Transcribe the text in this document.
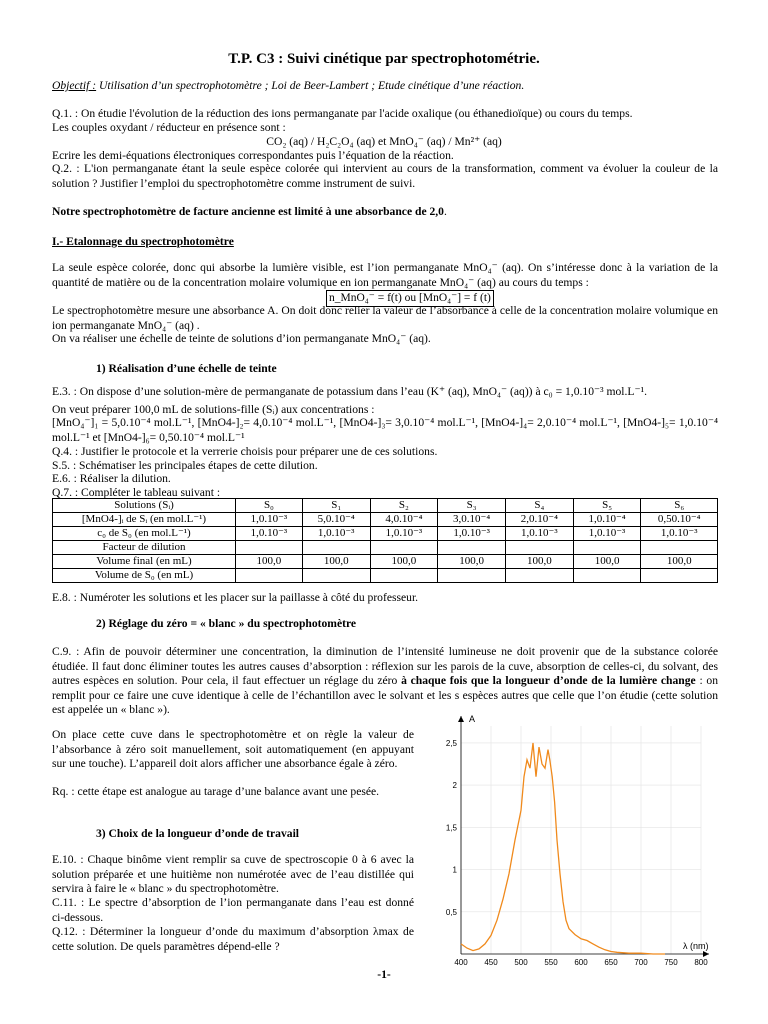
T.P. C3 : Suivi cinétique par spectrophotométrie.
Objectif : Utilisation d’un spectrophotomètre ; Loi de Beer-Lambert ; Etude cinétique d’une réaction.
Q.1. : On étudie l'évolution de la réduction des ions permanganate par l'acide oxalique (ou éthanedioïque) ou cours du temps.
Les couples oxydant / réducteur en présence sont :
CO₂ (aq) / H₂C₂O₄ (aq) et MnO₄⁻ (aq) / Mn²⁺ (aq)
Ecrire les demi-équations électroniques correspondantes puis l’équation de la réaction.
Q.2. : L'ion permanganate étant la seule espèce colorée qui intervient au cours de la transformation, comment va évoluer la couleur de la solution ? Justifier l’emploi du spectrophotomètre comme instrument de suivi.
Notre spectrophotomètre de facture ancienne est limité à une absorbance de 2,0.
I.- Etalonnage du spectrophotomètre
La seule espèce colorée, donc qui absorbe la lumière visible, est l’ion permanganate MnO₄⁻ (aq). On s’intéresse donc à la variation de la quantité de matière ou de la concentration molaire volumique en ion permanganate MnO₄⁻ (aq) au cours du temps :
n_MnO₄⁻ = f(t) ou [MnO₄⁻] = f (t)
Le spectrophotomètre mesure une absorbance A. On doit donc relier la valeur de l’absorbance à celle de la concentration molaire volumique en ion permanganate MnO₄⁻ (aq) .
On va réaliser une échelle de teinte de solutions d’ion permanganate MnO₄⁻ (aq).
1) Réalisation d’une échelle de teinte
E.3. : On dispose d’une solution-mère de permanganate de potassium dans l’eau (K⁺ (aq), MnO₄⁻ (aq)) à c₀ = 1,0.10⁻³ mol.L⁻¹.
On veut préparer 100,0 mL de solutions-fille (Sᵢ) aux concentrations :
[MnO₄⁻]₁ = 5,0.10⁻⁴ mol.L⁻¹, [MnO4-]₂= 4,0.10⁻⁴ mol.L⁻¹, [MnO4-]₃= 3,0.10⁻⁴ mol.L⁻¹, [MnO4-]₄= 2,0.10⁻⁴ mol.L⁻¹, [MnO4-]₅= 1,0.10⁻⁴ mol.L⁻¹ et [MnO4-]₆= 0,50.10⁻⁴ mol.L⁻¹
Q.4. : Justifier le protocole et la verrerie choisis pour préparer une de ces solutions.
S.5. : Schématiser les principales étapes de cette dilution.
E.6. : Réaliser la dilution.
Q.7. : Compléter le tableau suivant :
Solutions (Sᵢ)	S₀	S₁	S₂	S₃	S₄	S₅	S₆
[MnO4-]ᵢ de Sᵢ (en mol.L⁻¹)	1,0.10⁻³	5,0.10⁻⁴	4,0.10⁻⁴	3,0.10⁻⁴	2,0.10⁻⁴	1,0.10⁻⁴	0,50.10⁻⁴
c₀ de S₀ (en mol.L⁻¹)	1,0.10⁻³	1,0.10⁻³	1,0.10⁻³	1,0.10⁻³	1,0.10⁻³	1,0.10⁻³	1,0.10⁻³
Facteur de dilution							
Volume final (en mL)	100,0	100,0	100,0	100,0	100,0	100,0	100,0
Volume de S₀ (en mL)							
E.8. : Numéroter les solutions et les placer sur la paillasse à côté du professeur.
2) Réglage du zéro = « blanc » du spectrophotomètre
C.9. : Afin de pouvoir déterminer une concentration, la diminution de l’intensité lumineuse ne doit provenir que de la substance colorée étudiée. Il faut donc éliminer toutes les autres causes d’absorption : réflexion sur les parois de la cuve, absorption de celles-ci, du solvant, des autres espèces en solution. Pour cela, il faut effectuer un réglage du zéro à chaque fois que la longueur d’onde de la lumière change : on remplit pour ce faire une cuve identique à celle de l’échantillon avec le solvant et les s espèces autres que celle que l’on étudie (cette solution est appelée un « blanc »).
On place cette cuve dans le spectrophotomètre et on règle la valeur de l’absorbance à zéro soit manuellement, soit automatiquement (en appuyant sur une touche). L’appareil doit alors afficher une absorbance égale à zéro.
Rq. : cette étape est analogue au tarage d’une balance avant une pesée.
3) Choix de la longueur d’onde de travail
E.10. : Chaque binôme vient remplir sa cuve de spectroscopie 0 à 6 avec la solution préparée et une huitième non numérotée avec de l’eau distillée qui servira à faire le « blanc » du spectrophotomètre.
C.11. : Le spectre d’absorption de l’ion permanganate dans l’eau est donné ci-dessous.
Q.12. : Déterminer la longueur d’onde du maximum d’absorption λmax de cette solution. De quels paramètres dépend-elle ?
400 450 500 550 600 650 700 750 800
0,5
1
1,5
2
2,5
A
λ (nm)
-1-
